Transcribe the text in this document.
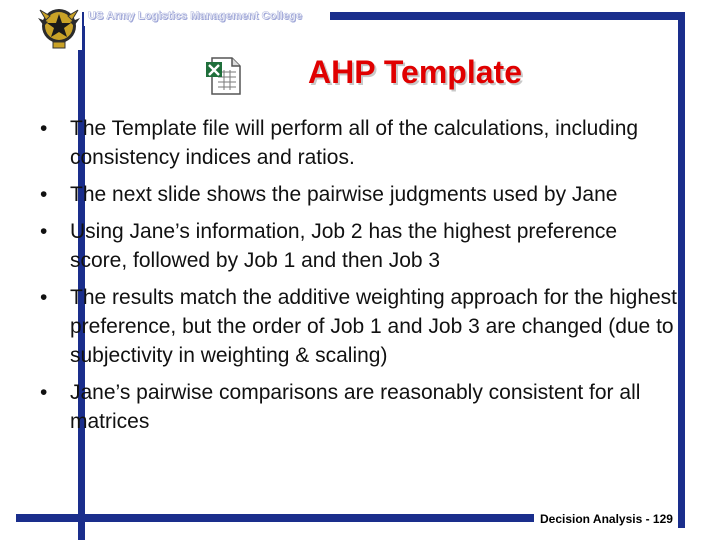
US Army Logistics Management College
AHP Template
• The Template file will perform all of the calculations, including consistency indices and ratios.
• The next slide shows the pairwise judgments used by Jane
• Using Jane’s information, Job 2 has the highest preference score, followed by Job 1 and then Job 3
• The results match the additive weighting approach for the highest preference, but the order of Job 1 and Job 3 are changed (due to subjectivity in weighting & scaling)
• Jane’s pairwise comparisons are reasonably consistent for all matrices
Decision Analysis - 129
